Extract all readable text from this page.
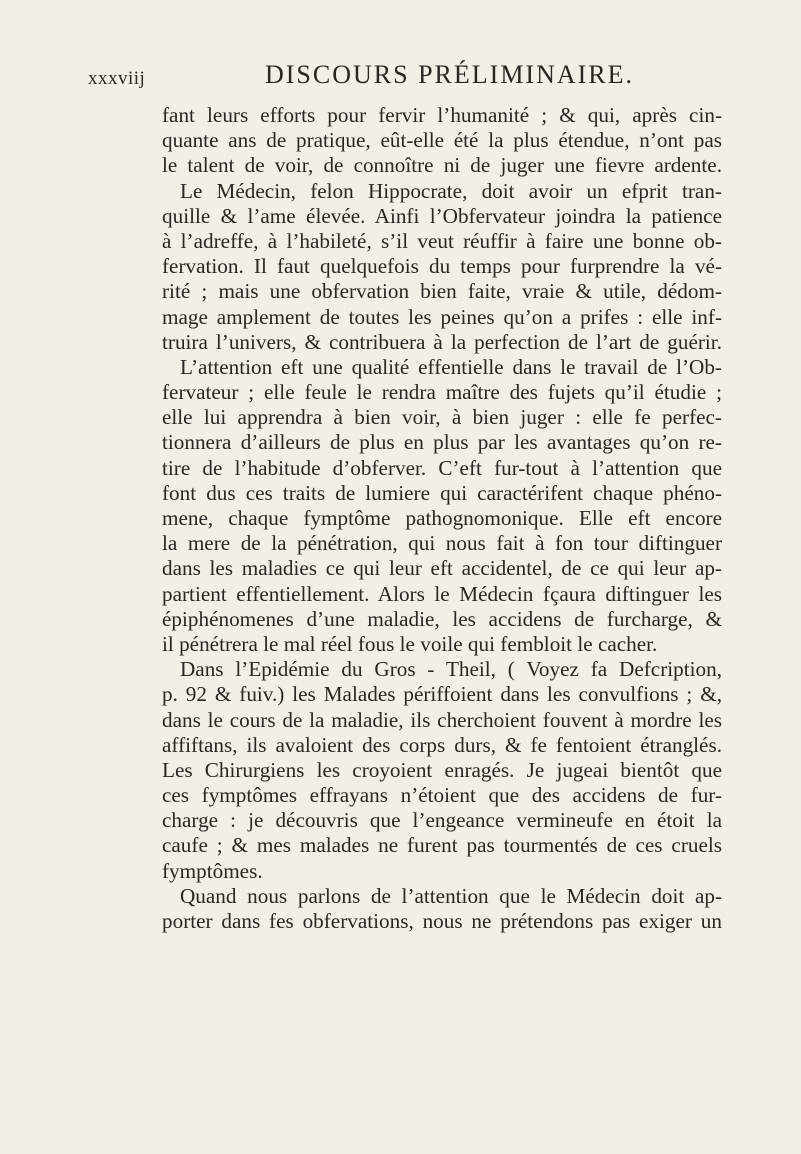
xxxviij	DISCOURS PRÉLIMINAIRE.
fant leurs efforts pour fervir l’humanité ; & qui, après cin-
quante ans de pratique, eût-elle été la plus étendue, n’ont pas
le talent de voir, de connoître ni de juger une fievre ardente.
Le Médecin, felon Hippocrate, doit avoir un efprit tran-
quille & l’ame élevée. Ainfi l’Obfervateur joindra la patience
à l’adreffe, à l’habileté, s’il veut réuffir à faire une bonne ob-
fervation. Il faut quelquefois du temps pour furprendre la vé-
rité ; mais une obfervation bien faite, vraie & utile, dédom-
mage amplement de toutes les peines qu’on a prifes : elle inf-
truira l’univers, & contribuera à la perfection de l’art de guérir.
L’attention eft une qualité effentielle dans le travail de l’Ob-
fervateur ; elle feule le rendra maître des fujets qu’il étudie ;
elle lui apprendra à bien voir, à bien juger : elle fe perfec-
tionnera d’ailleurs de plus en plus par les avantages qu’on re-
tire de l’habitude d’obferver. C’eft fur-tout à l’attention que
font dus ces traits de lumiere qui caractérifent chaque phéno-
mene, chaque fymptôme pathognomonique. Elle eft encore
la mere de la pénétration, qui nous fait à fon tour diftinguer
dans les maladies ce qui leur eft accidentel, de ce qui leur ap-
partient effentiellement. Alors le Médecin fçaura diftinguer les
épiphénomenes d’une maladie, les accidens de furcharge, &
il pénétrera le mal réel fous le voile qui fembloit le cacher.
Dans l’Epidémie du Gros - Theil, ( Voyez fa Defcription,
p. 92 & fuiv.) les Malades périffoient dans les convulfions ; &,
dans le cours de la maladie, ils cherchoient fouvent à mordre les
affiftans, ils avaloient des corps durs, & fe fentoient étranglés.
Les Chirurgiens les croyoient enragés. Je jugeai bientôt que
ces fymptômes effrayans n’étoient que des accidens de fur-
charge : je découvris que l’engeance vermineufe en étoit la
caufe ; & mes malades ne furent pas tourmentés de ces cruels
fymptômes.
Quand nous parlons de l’attention que le Médecin doit ap-
porter dans fes obfervations, nous ne prétendons pas exiger un
